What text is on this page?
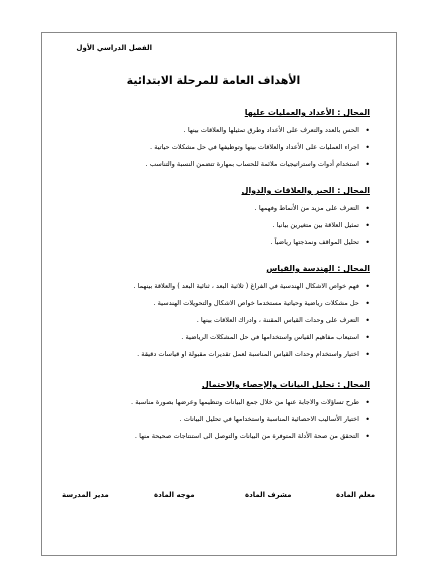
الفصل الدراسي الأول
الأهداف العامة للمرحلة الابتدائية
المجال : الأعداد والعمليات عليها
• الحس بالعدد والتعرف على الأعداد وطرق تمثيلها والعلاقات بينها .
• اجراء العمليات على الأعداد والعلاقات بينها وتوظيفها في حل مشكلات حياتية .
• استخدام أدوات واستراتيجيات ملائمة للحساب بمهارة تتضمن النسبة والتناسب .
المجال : الجبر والعلاقات والدوال
• التعرف على مزيد من الأنماط وفهمها .
• تمثيل العلاقة بين متغيرين بيانيا .
• تحليل المواقف ونمذجتها رياضياً .
المجال : الهندسة والقياس
• فهم خواص الاشكال الهندسية في الفراغ ( ثلاثية البعد ، ثنائية البعد ) والعلاقة بينهما .
• حل مشكلات رياضية وحياتية مستخدما خواص الاشكال والتحويلات الهندسية .
• التعرف على وحدات القياس المقننة ، وادراك العلاقات بينها .
• استيعاب مفاهيم القياس واستخدامها في حل المشكلات الرياضية .
• اختيار واستخدام وحدات القياس المناسبة لعمل تقديرات مقبولة او قياسات دقيقة .
المجال : تحليل البيانات والإحصاء والاحتمال
• طرح تساؤلات والاجابة عنها من خلال جمع البيانات وتنظيمها وعرضها بصورة مناسبة .
• اختيار الأساليب الاحصائية المناسبة واستخدامها في تحليل البيانات .
• التحقق من صحة الأدلة المتوفرة من البيانات والتوصل الى استنتاجات صحيحة منها .
معلم المادة
مشرف المادة
موجه المادة
مدير المدرسة
